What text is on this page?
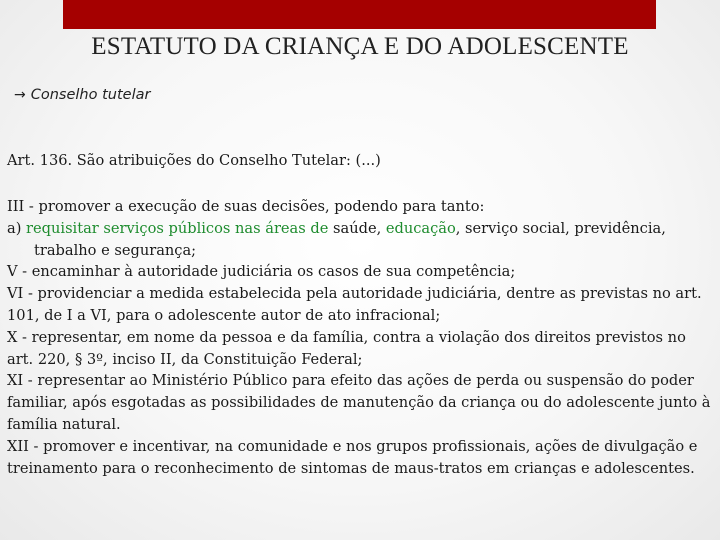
ESTATUTO DA CRIANÇA E DO ADOLESCENTE
→ Conselho tutelar
Art. 136. São atribuições do Conselho Tutelar: (...)

III - promover a execução de suas decisões, podendo para tanto:

a) requisitar serviços públicos nas áreas de saúde, educação, serviço social, previdência,

trabalho e segurança;

V - encaminhar à autoridade judiciária os casos de sua competência;

VI - providenciar a medida estabelecida pela autoridade judiciária, dentre as previstas no art. 101, de I a VI, para o adolescente autor de ato infracional;

X - representar, em nome da pessoa e da família, contra a violação dos direitos previstos no art. 220, § 3º, inciso II, da Constituição Federal;

XI - representar ao Ministério Público para efeito das ações de perda ou suspensão do poder familiar, após esgotadas as possibilidades de manutenção da criança ou do adolescente junto à família natural.

XII - promover e incentivar, na comunidade e nos grupos profissionais, ações de divulgação e treinamento para o reconhecimento de sintomas de maus-tratos em crianças e adolescentes.
